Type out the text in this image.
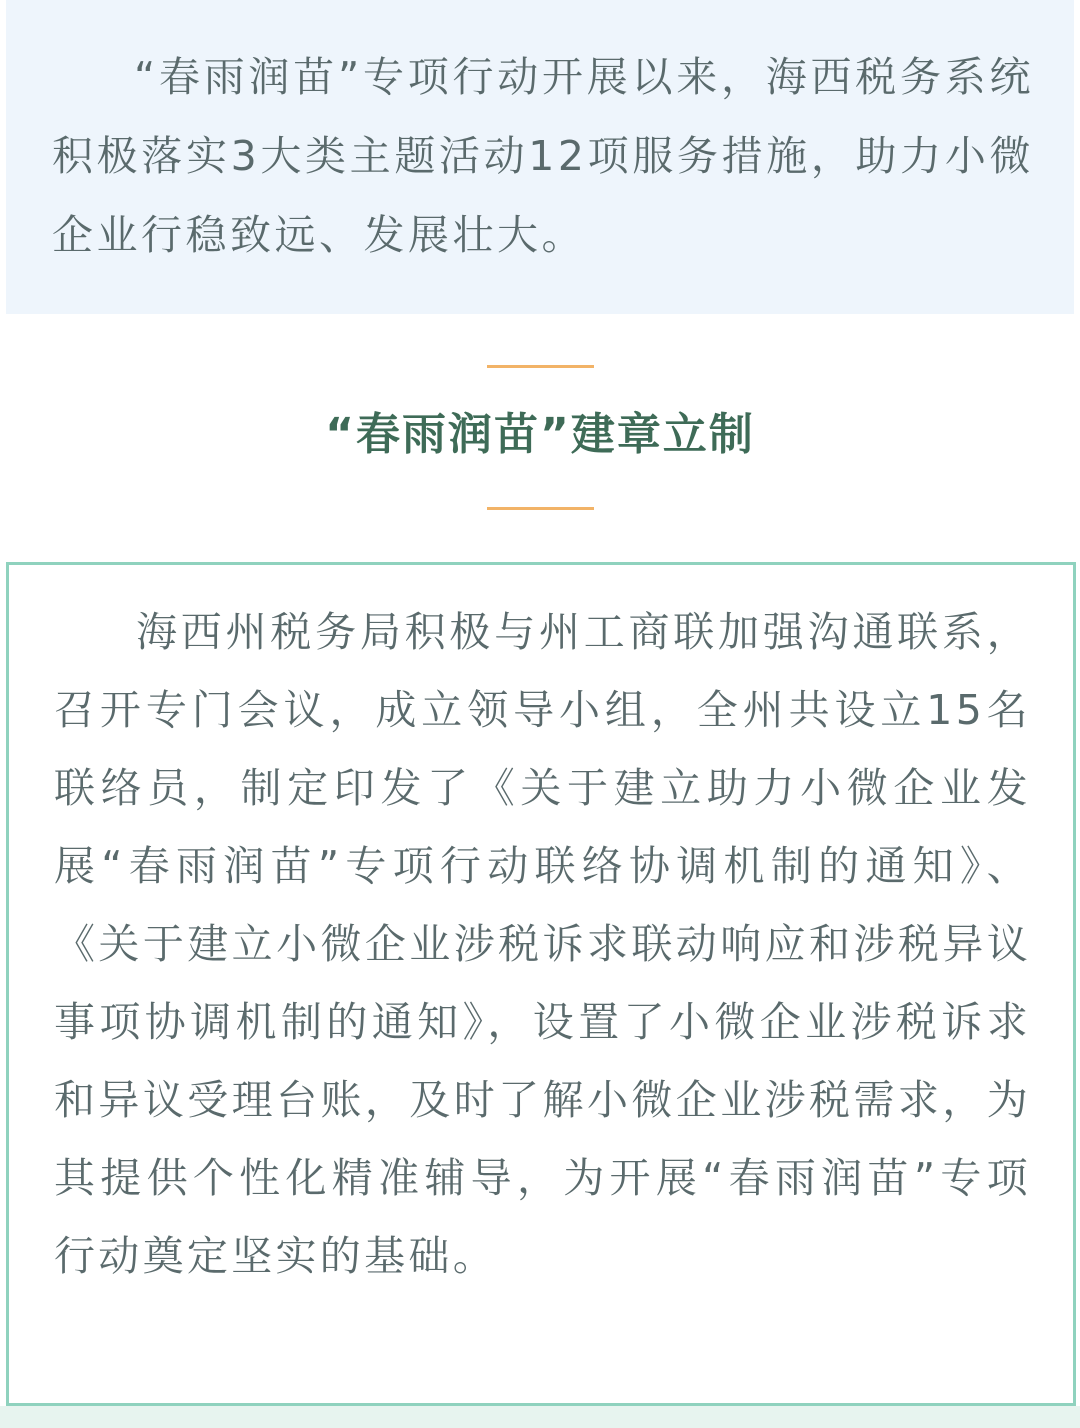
“春雨润苗”专项行动开展以来，海西税务系统积极落实3大类主题活动12项服务措施，助力小微企业行稳致远、发展壮大。

“春雨润苗”建章立制

海西州税务局积极与州工商联加强沟通联系，召开专门会议，成立领导小组，全州共设立15名联络员，制定印发了《关于建立助力小微企业发展“春雨润苗”专项行动联络协调机制的通知》、《关于建立小微企业涉税诉求联动响应和涉税异议事项协调机制的通知》，设置了小微企业涉税诉求和异议受理台账，及时了解小微企业涉税需求，为其提供个性化精准辅导，为开展“春雨润苗”专项行动奠定坚实的基础。
